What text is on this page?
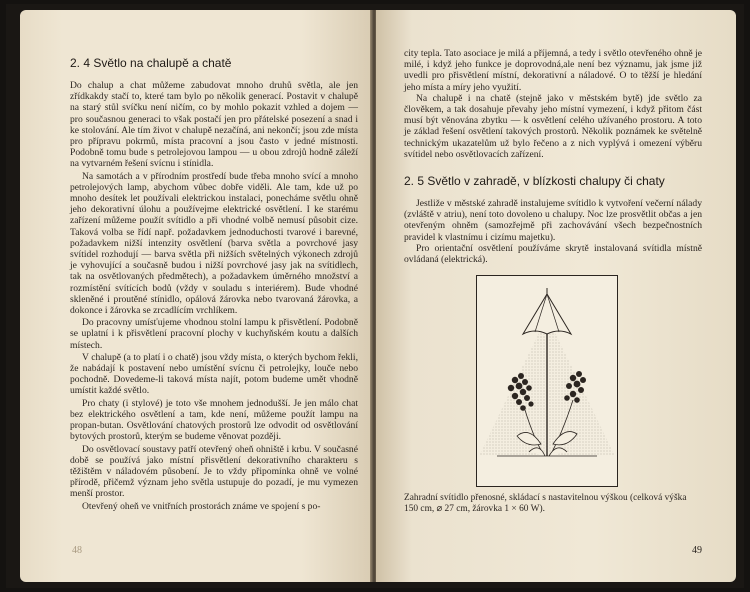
2. 4 Světlo na chalupě a chatě

Do chalup a chat můžeme zabudovat mnoho druhů světla, ale jen zřídkakdy stačí to, které tam bylo po několik generací. Postavit v chalupě na starý stůl svíčku není ničím, co by mohlo pokazit vzhled a dojem — pro současnou generaci to však postačí jen pro přátelské posezení a snad i ke stolování. Ale tím život v chalupě nezačíná, ani nekončí; jsou zde místa pro přípravu pokrmů, místa pracovní a jsou často v jedné místnosti. Podobně tomu bude s petrolejovou lampou — u obou zdrojů hodně záleží na vytvarném řešení svícnu i stínidla.

Na samotách a v přírodním prostředí bude třeba mnoho svící a mnoho petrolejových lamp, abychom vůbec dobře viděli. Ale tam, kde už po mnoho desítek let používali elektrickou instalaci, ponecháme světlu ohně jeho dekorativní úlohu a používejme elektrické osvětlení. I ke starému zařízení můžeme použít svítidlo a při vhodné volbě nemusí působit cize. Taková volba se řídí např. požadavkem jednoduchosti tvarové i barevné, požadavkem nižší intenzity osvětlení (barva světla a povrchové jasy svítidel rozhodují — barva světla při nižších světelných výkonech zdrojů je vyhovující a současně budou i nižší povrchové jasy jak na svítidlech, tak na osvětlovaných předmětech), a požadavkem úměrného množství a rozmístění svítících bodů (vždy v souladu s interiérem). Bude vhodné skleněné i proutěné stínidlo, opálová žárovka nebo tvarovaná žárovka, a dokonce i žárovka se zrcadlícím vrchlíkem.

Do pracovny umísťujeme vhodnou stolní lampu k přisvětlení. Podobně se uplatní i k přisvětlení pracovní plochy v kuchyňském koutu a dalších místech.

V chalupě (a to platí i o chatě) jsou vždy místa, o kterých bychom řekli, že nabádají k postavení nebo umístění svícnu či petrolejky, louče nebo pochodně. Dovedeme-li taková místa najít, potom budeme umět vhodně umístit každé světlo.

Pro chaty (i stylové) je toto vše mnohem jednodušší. Je jen málo chat bez elektrického osvětlení a tam, kde není, můžeme použít lampu na propan-butan. Osvětlování chatových prostorů lze odvodit od osvětlování bytových prostorů, kterým se budeme věnovat později.

Do osvětlovací soustavy patří otevřený oheň ohniště i krbu. V současné době se používá jako místní přisvětlení dekorativního charakteru s těžištěm v náladovém působení. Je to vždy připomínka ohně ve volné přírodě, přičemž význam jeho světla ustupuje do pozadí, je mu vymezen menší prostor.

Otevřený oheň ve vnitřních prostorách známe ve spojení s po-

48

city tepla. Tato asociace je milá a příjemná, a tedy i světlo otevřeného ohně je milé, i když jeho funkce je doprovodná,ale není bez významu, jak jsme již uvedli pro přisvětlení místní, dekorativní a náladové. O to těžší je hledání jeho místa a míry jeho využití.

Na chalupě i na chatě (stejně jako v městském bytě) jde světlo za člověkem, a tak dosahuje převahy jeho místní vymezení, i když přitom část musí být věnována zbytku — k osvětlení celého užívaného prostoru. A toto je základ řešení osvětlení takových prostorů. Několik poznámek ke světelně technickým ukazatelům už bylo řečeno a z nich vyplývá i omezení výběru svítidel nebo osvětlovacích zařízení.

2. 5 Světlo v zahradě, v blízkosti chalupy či chaty

Jestliže v městské zahradě instalujeme svítidlo k vytvoření večerní nálady (zvláště v atriu), není toto dovoleno u chalupy. Noc lze prosvětlit občas a jen otevřeným ohněm (samozřejmě při zachovávání všech bezpečnostních pravidel k vlastnímu i cizímu majetku).

Pro orientační osvětlení používáme skrytě instalovaná svítidla místně ovládaná (elektrická).

Zahradní svítidlo přenosné, skládací s nastavitelnou výškou (celková výška 150 cm, ⌀ 27 cm, žárovka 1 × 60 W).

49
